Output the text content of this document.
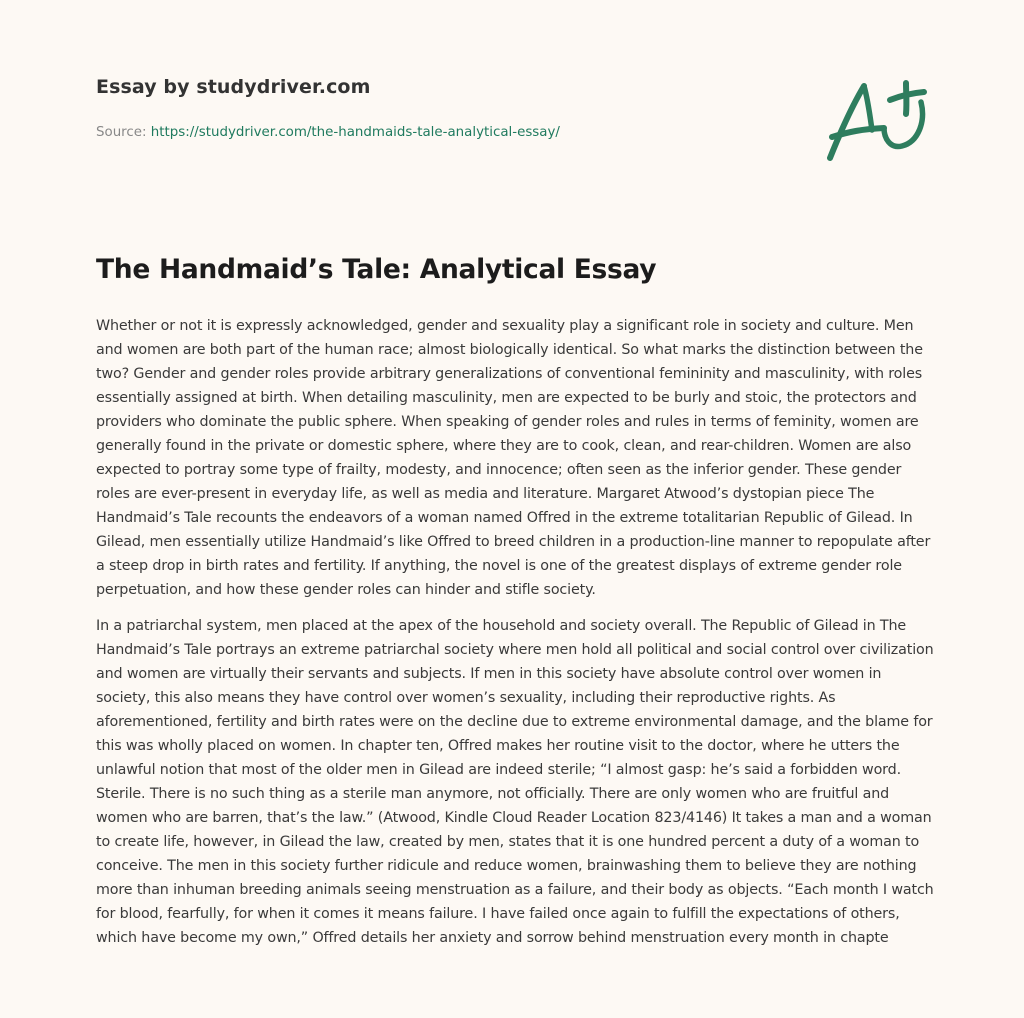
Essay by studydriver.com
Source: https://studydriver.com/the-handmaids-tale-analytical-essay/
The Handmaid’s Tale: Analytical Essay

Whether or not it is expressly acknowledged, gender and sexuality play a significant role in society and culture. Men and women are both part of the human race; almost biologically identical. So what marks the distinction between the two? Gender and gender roles provide arbitrary generalizations of conventional femininity and masculinity, with roles essentially assigned at birth. When detailing masculinity, men are expected to be burly and stoic, the protectors and providers who dominate the public sphere. When speaking of gender roles and rules in terms of feminity, women are generally found in the private or domestic sphere, where they are to cook, clean, and rear-children. Women are also expected to portray some type of frailty, modesty, and innocence; often seen as the inferior gender. These gender roles are ever-present in everyday life, as well as media and literature. Margaret Atwood’s dystopian piece The Handmaid’s Tale recounts the endeavors of a woman named Offred in the extreme totalitarian Republic of Gilead. In Gilead, men essentially utilize Handmaid’s like Offred to breed children in a production-line manner to repopulate after a steep drop in birth rates and fertility. If anything, the novel is one of the greatest displays of extreme gender role perpetuation, and how these gender roles can hinder and stifle society.

In a patriarchal system, men placed at the apex of the household and society overall. The Republic of Gilead in The Handmaid’s Tale portrays an extreme patriarchal society where men hold all political and social control over civilization and women are virtually their servants and subjects. If men in this society have absolute control over women in society, this also means they have control over women’s sexuality, including their reproductive rights. As aforementioned, fertility and birth rates were on the decline due to extreme environmental damage, and the blame for this was wholly placed on women. In chapter ten, Offred makes her routine visit to the doctor, where he utters the unlawful notion that most of the older men in Gilead are indeed sterile; “I almost gasp: he’s said a forbidden word. Sterile. There is no such thing as a sterile man anymore, not officially. There are only women who are fruitful and women who are barren, that’s the law.” (Atwood, Kindle Cloud Reader Location 823/4146) It takes a man and a woman to create life, however, in Gilead the law, created by men, states that it is one hundred percent a duty of a woman to conceive. The men in this society further ridicule and reduce women, brainwashing them to believe they are nothing more than inhuman breeding animals seeing menstruation as a failure, and their body as objects. “Each month I watch for blood, fearfully, for when it comes it means failure. I have failed once again to fulfill the expectations of others, which have become my own,” Offred details her anxiety and sorrow behind menstruation every month in chapte
